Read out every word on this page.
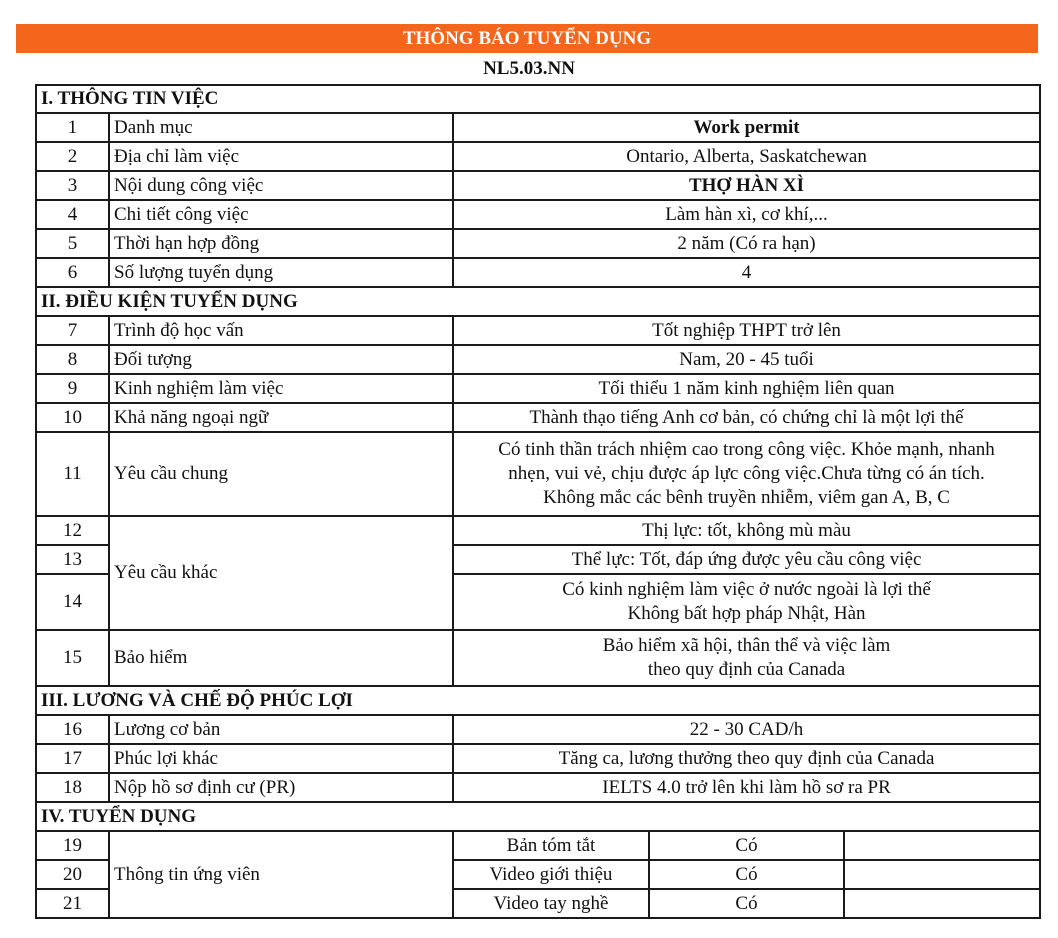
THÔNG BÁO TUYỂN DỤNG
NL5.03.NN
I. THÔNG TIN VIỆC				
1	Danh mục	Work permit		
2	Địa chỉ làm việc	Ontario, Alberta, Saskatchewan		
3	Nội dung công việc	THỢ HÀN XÌ		
4	Chi tiết công việc	Làm hàn xì, cơ khí,...		
5	Thời hạn hợp đồng	2 năm (Có ra hạn)		
6	Số lượng tuyển dụng	4		
II. ĐIỀU KIỆN TUYỂN DỤNG				
7	Trình độ học vấn	Tốt nghiệp THPT trở lên		
8	Đối tượng	Nam, 20 - 45 tuổi		
9	Kinh nghiệm làm việc	Tối thiểu 1 năm kinh nghiệm liên quan		
10	Khả năng ngoại ngữ	Thành thạo tiếng Anh cơ bản, có chứng chỉ là một lợi thế		
11	Yêu cầu chung	Có tinh thần trách nhiệm cao trong công việc. Khỏe mạnh, nhanh
nhẹn, vui vẻ, chịu được áp lực công việc.Chưa từng có án tích.
Không mắc các bênh truyền nhiễm, viêm gan A, B, C		

12	Yêu cầu khác	Thị lực: tốt, không mù màu		
13		Thể lực: Tốt, đáp ứng được yêu cầu công việc		
14		Có kinh nghiệm làm việc ở nước ngoài là lợi thế
Không bất hợp pháp Nhật, Hàn		

15	Bảo hiểm	Bảo hiểm xã hội, thân thể và việc làm
theo quy định của Canada		

III. LƯƠNG VÀ CHẾ ĐỘ PHÚC LỢI				
16	Lương cơ bản	22 - 30 CAD/h		
17	Phúc lợi khác	Tăng ca, lương thưởng theo quy định của Canada		
18	Nộp hồ sơ định cư (PR)	IELTS 4.0 trở lên khi làm hồ sơ ra PR		
IV. TUYỂN DỤNG				
19	Thông tin ứng viên	Bản tóm tắt	Có	
20		Video giới thiệu	Có	
21		Video tay nghề	Có	
